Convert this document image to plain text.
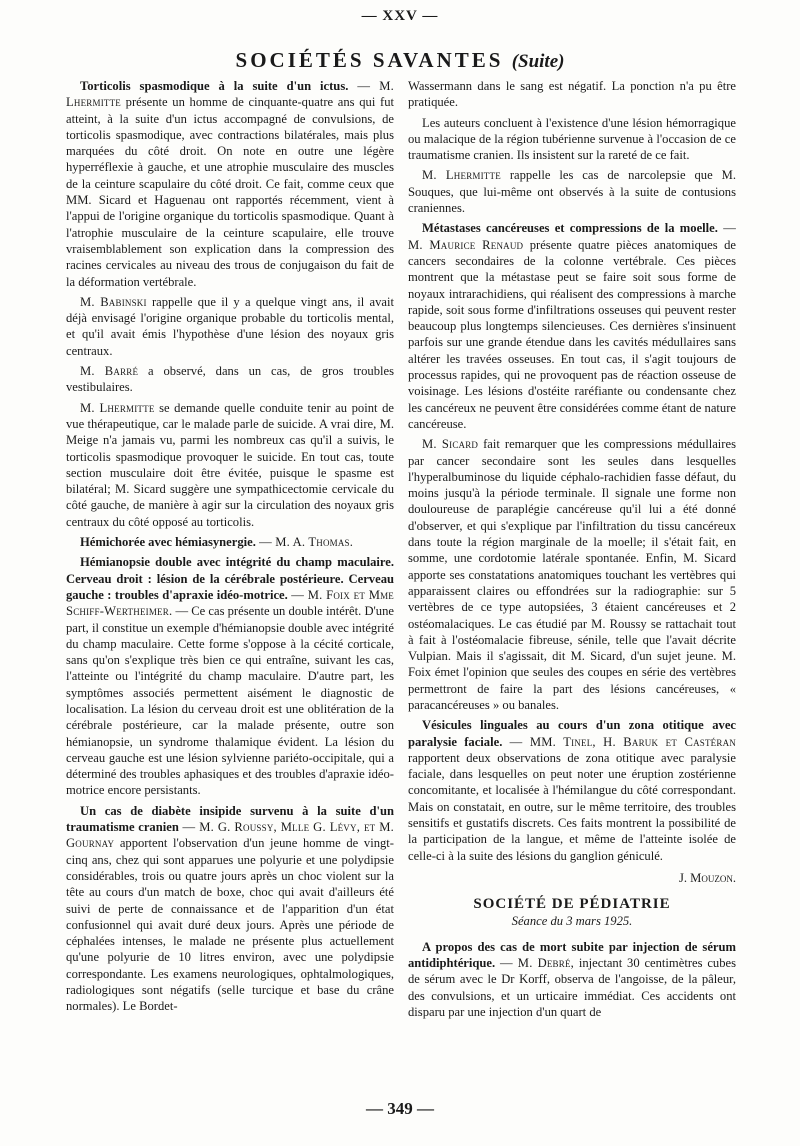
— XXV —
SOCIÉTÉS SAVANTES (Suite)

Torticolis spasmodique à la suite d'un ictus. — M. Lhermitte présente un homme de cinquante-quatre ans qui fut atteint, à la suite d'un ictus accompagné de convulsions, de torticolis spasmodique, avec contractions bilatérales, mais plus marquées du côté droit. On note en outre une légère hyperréflexie à gauche, et une atrophie musculaire des muscles de la ceinture scapulaire du côté droit. Ce fait, comme ceux que MM. Sicard et Haguenau ont rapportés récemment, vient à l'appui de l'origine organique du torticolis spasmodique. Quant à l'atrophie musculaire de la ceinture scapulaire, elle trouve vraisemblablement son explication dans la compression des racines cervicales au niveau des trous de conjugaison du fait de la déformation vertébrale.

M. Babinski rappelle que il y a quelque vingt ans, il avait déjà envisagé l'origine organique probable du torticolis mental, et qu'il avait émis l'hypothèse d'une lésion des noyaux gris centraux.

M. Barré a observé, dans un cas, de gros troubles vestibulaires.

M. Lhermitte se demande quelle conduite tenir au point de vue thérapeutique, car le malade parle de suicide. A vrai dire, M. Meige n'a jamais vu, parmi les nombreux cas qu'il a suivis, le torticolis spasmodique provoquer le suicide. En tout cas, toute section musculaire doit être évitée, puisque le spasme est bilatéral; M. Sicard suggère une sympathicectomie cervicale du côté gauche, de manière à agir sur la circulation des noyaux gris centraux du côté opposé au torticolis.

Hémichorée avec hémiasynergie. — M. A. Thomas.

Hémianopsie double avec intégrité du champ maculaire. Cerveau droit : lésion de la cérébrale postérieure. Cerveau gauche : troubles d'apraxie idéo-motrice. — M. Foix et Mme Schiff-Wertheimer. — Ce cas présente un double intérêt. D'une part, il constitue un exemple d'hémianopsie double avec intégrité du champ maculaire. Cette forme s'oppose à la cécité corticale, sans qu'on s'explique très bien ce qui entraîne, suivant les cas, l'atteinte ou l'intégrité du champ maculaire. D'autre part, les symptômes associés permettent aisément le diagnostic de localisation. La lésion du cerveau droit est une oblitération de la cérébrale postérieure, car la malade présente, outre son hémianopsie, un syndrome thalamique évident. La lésion du cerveau gauche est une lésion sylvienne pariéto-occipitale, qui a déterminé des troubles aphasiques et des troubles d'apraxie idéo-motrice encore persistants.

Un cas de diabète insipide survenu à la suite d'un traumatisme cranien — M. G. Roussy, Mlle G. Lévy, et M. Gournay apportent l'observation d'un jeune homme de vingt-cinq ans, chez qui sont apparues une polyurie et une polydipsie considérables, trois ou quatre jours après un choc violent sur la tête au cours d'un match de boxe, choc qui avait d'ailleurs été suivi de perte de connaissance et de l'apparition d'un état confusionnel qui avait duré deux jours. Après une période de céphalées intenses, le malade ne présente plus actuellement qu'une polyurie de 10 litres environ, avec une polydipsie correspondante. Les examens neurologiques, ophtalmologiques, radiologiques sont négatifs (selle turcique et base du crâne normales). Le Bordet-

Wassermann dans le sang est négatif. La ponction n'a pu être pratiquée.

Les auteurs concluent à l'existence d'une lésion hémorragique ou malacique de la région tubérienne survenue à l'occasion de ce traumatisme cranien. Ils insistent sur la rareté de ce fait.

M. Lhermitte rappelle les cas de narcolepsie que M. Souques, que lui-même ont observés à la suite de contusions craniennes.

Métastases cancéreuses et compressions de la moelle. — M. Maurice Renaud présente quatre pièces anatomiques de cancers secondaires de la colonne vertébrale. Ces pièces montrent que la métastase peut se faire soit sous forme de noyaux intrarachidiens, qui réalisent des compressions à marche rapide, soit sous forme d'infiltrations osseuses qui peuvent rester beaucoup plus longtemps silencieuses. Ces dernières s'insinuent parfois sur une grande étendue dans les cavités médullaires sans altérer les travées osseuses. En tout cas, il s'agit toujours de processus rapides, qui ne provoquent pas de réaction osseuse de voisinage. Les lésions d'ostéite raréfiante ou condensante chez les cancéreux ne peuvent être considérées comme étant de nature cancéreuse.

M. Sicard fait remarquer que les compressions médullaires par cancer secondaire sont les seules dans lesquelles l'hyperalbuminose du liquide céphalo-rachidien fasse défaut, du moins jusqu'à la période terminale. Il signale une forme non douloureuse de paraplégie cancéreuse qu'il lui a été donné d'observer, et qui s'explique par l'infiltration du tissu cancéreux dans toute la région marginale de la moelle; il s'était fait, en somme, une cordotomie latérale spontanée. Enfin, M. Sicard apporte ses constatations anatomiques touchant les vertèbres qui apparaissent claires ou effondrées sur la radiographie: sur 5 vertèbres de ce type autopsiées, 3 étaient cancéreuses et 2 ostéomalaciques. Le cas étudié par M. Roussy se rattachait tout à fait à l'ostéomalacie fibreuse, sénile, telle que l'avait décrite Vulpian. Mais il s'agissait, dit M. Sicard, d'un sujet jeune. M. Foix émet l'opinion que seules des coupes en série des vertèbres permettront de faire la part des lésions cancéreuses, « paracancéreuses » ou banales.

Vésicules linguales au cours d'un zona otitique avec paralysie faciale. — MM. Tinel, H. Baruk et Castéran rapportent deux observations de zona otitique avec paralysie faciale, dans lesquelles on peut noter une éruption zostérienne concomitante, et localisée à l'hémilangue du côté correspondant. Mais on constatait, en outre, sur le même territoire, des troubles sensitifs et gustatifs discrets. Ces faits montrent la possibilité de la participation de la langue, et même de l'atteinte isolée de celle-ci à la suite des lésions du ganglion géniculé.

J. Mouzon.
SOCIÉTÉ DE PÉDIATRIE
Séance du 3 mars 1925.

A propos des cas de mort subite par injection de sérum antidiphtérique. — M. Debré, injectant 30 centimètres cubes de sérum avec le Dr Korff, observa de l'angoisse, de la pâleur, des convulsions, et un urticaire immédiat. Ces accidents ont disparu par une injection d'un quart de

— 349 —
